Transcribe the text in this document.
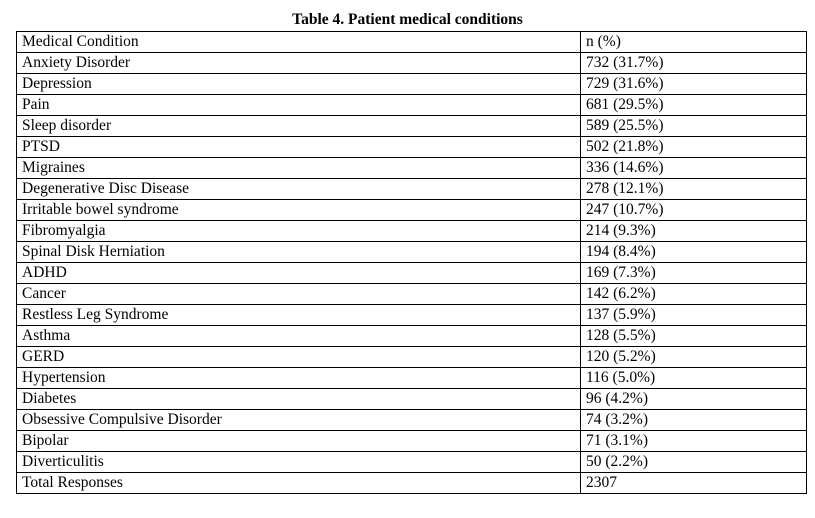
Table 4. Patient medical conditions
Medical Condition	n (%)
Anxiety Disorder	732 (31.7%)
Depression	729 (31.6%)
Pain	681 (29.5%)
Sleep disorder	589 (25.5%)
PTSD	502 (21.8%)
Migraines	336 (14.6%)
Degenerative Disc Disease	278 (12.1%)
Irritable bowel syndrome	247 (10.7%)
Fibromyalgia	214 (9.3%)
Spinal Disk Herniation	194 (8.4%)
ADHD	169 (7.3%)
Cancer	142 (6.2%)
Restless Leg Syndrome	137 (5.9%)
Asthma	128 (5.5%)
GERD	120 (5.2%)
Hypertension	116 (5.0%)
Diabetes	96 (4.2%)
Obsessive Compulsive Disorder	74 (3.2%)
Bipolar	71 (3.1%)
Diverticulitis	50 (2.2%)
Total Responses	2307
